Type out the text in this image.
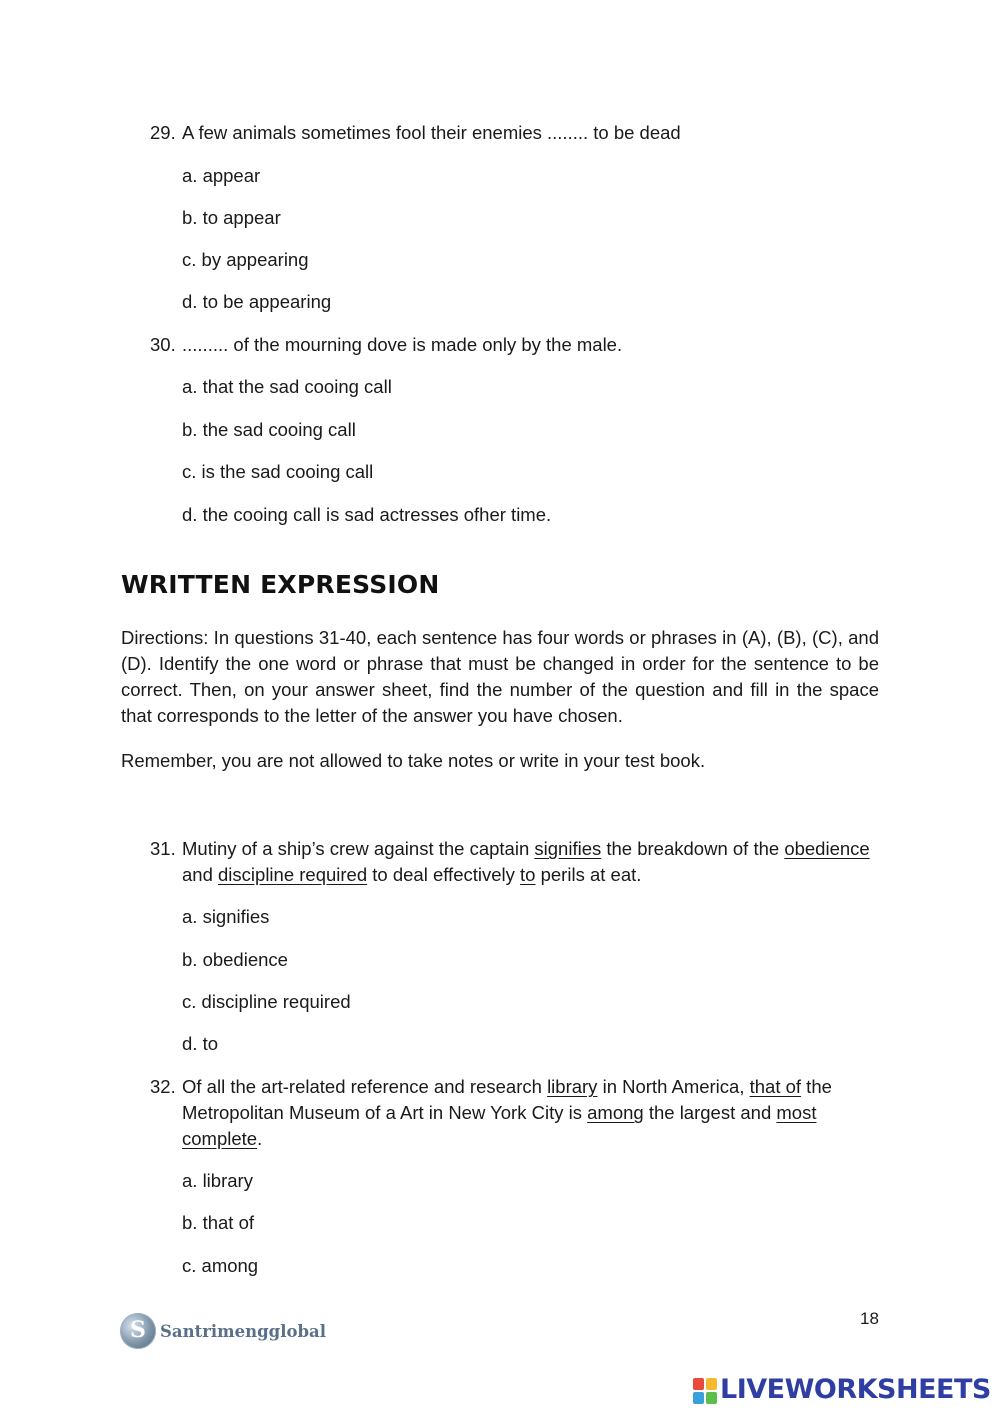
29. A few animals sometimes fool their enemies ........ to be dead
a. appear
b. to appear
c. by appearing
d. to be appearing
30. ......... of the mourning dove is made only by the male.
a. that the sad cooing call
b. the sad cooing call
c. is the sad cooing call
d. the cooing call is sad actresses ofher time.
WRITTEN EXPRESSION
Directions: In questions 31-40, each sentence has four words or phrases in (A), (B), (C), and (D). Identify the one word or phrase that must be changed in order for the sentence to be correct. Then, on your answer sheet, find the number of the question and fill in the space that corresponds to the letter of the answer you have chosen.
Remember, you are not allowed to take notes or write in your test book.
31. Mutiny of a ship’s crew against the captain signifies the breakdown of the obedience and discipline required to deal effectively to perils at eat.
a. signifies
b. obedience
c. discipline required
d. to
32. Of all the art-related reference and research library in North America, that of the Metropolitan Museum of a Art in New York City is among the largest and most complete.
a. library
b. that of
c. among
S Santrimengglobal
18
LIVEWORKSHEETS
